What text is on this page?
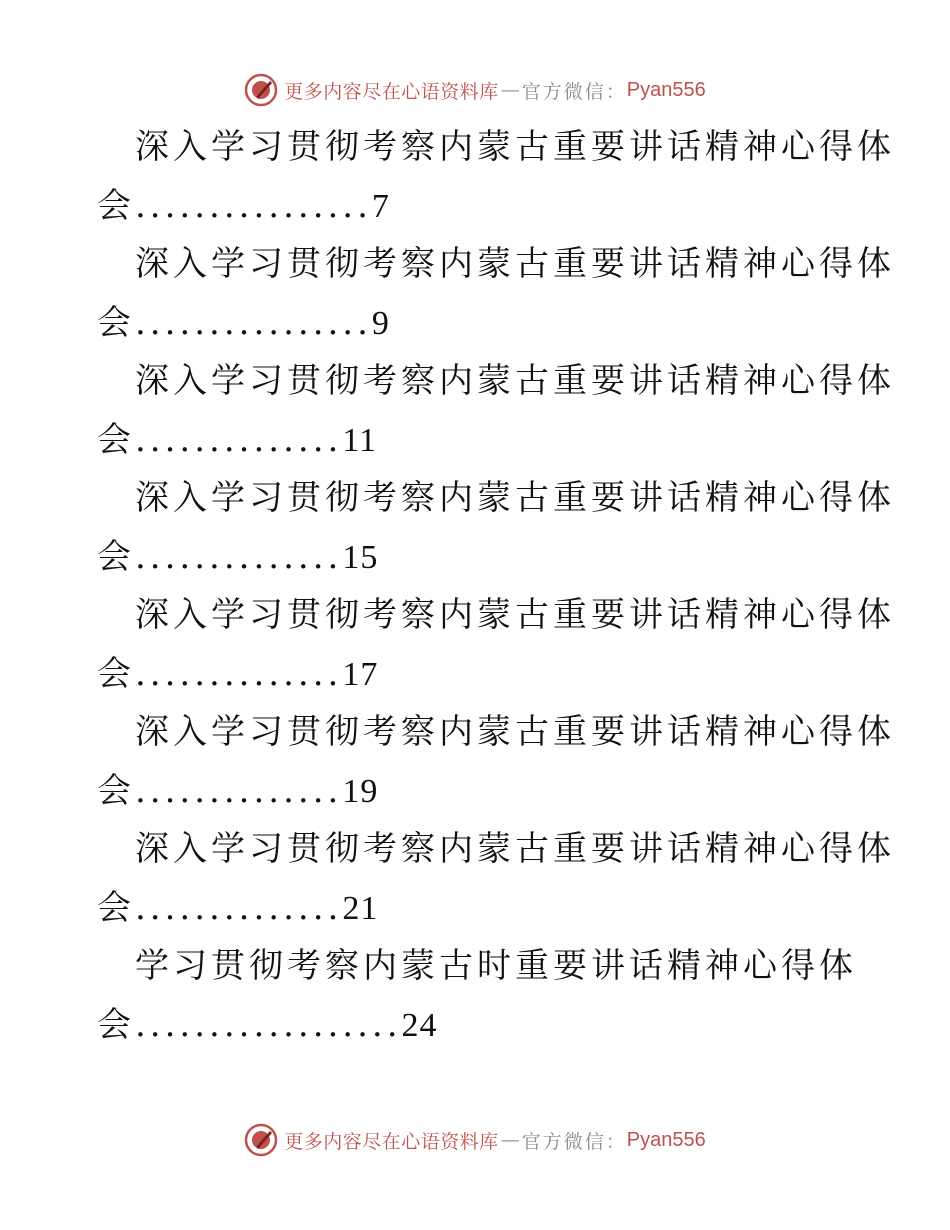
更多内容尽在心语资料库 — 官方微信： Pyan556
深入学习贯彻考察内蒙古重要讲话精神心得体
会................7
深入学习贯彻考察内蒙古重要讲话精神心得体
会................9
深入学习贯彻考察内蒙古重要讲话精神心得体
会..............11
深入学习贯彻考察内蒙古重要讲话精神心得体
会..............15
深入学习贯彻考察内蒙古重要讲话精神心得体
会..............17
深入学习贯彻考察内蒙古重要讲话精神心得体
会..............19
深入学习贯彻考察内蒙古重要讲话精神心得体
会..............21
学习贯彻考察内蒙古时重要讲话精神心得体
会..................24
更多内容尽在心语资料库 — 官方微信： Pyan556
